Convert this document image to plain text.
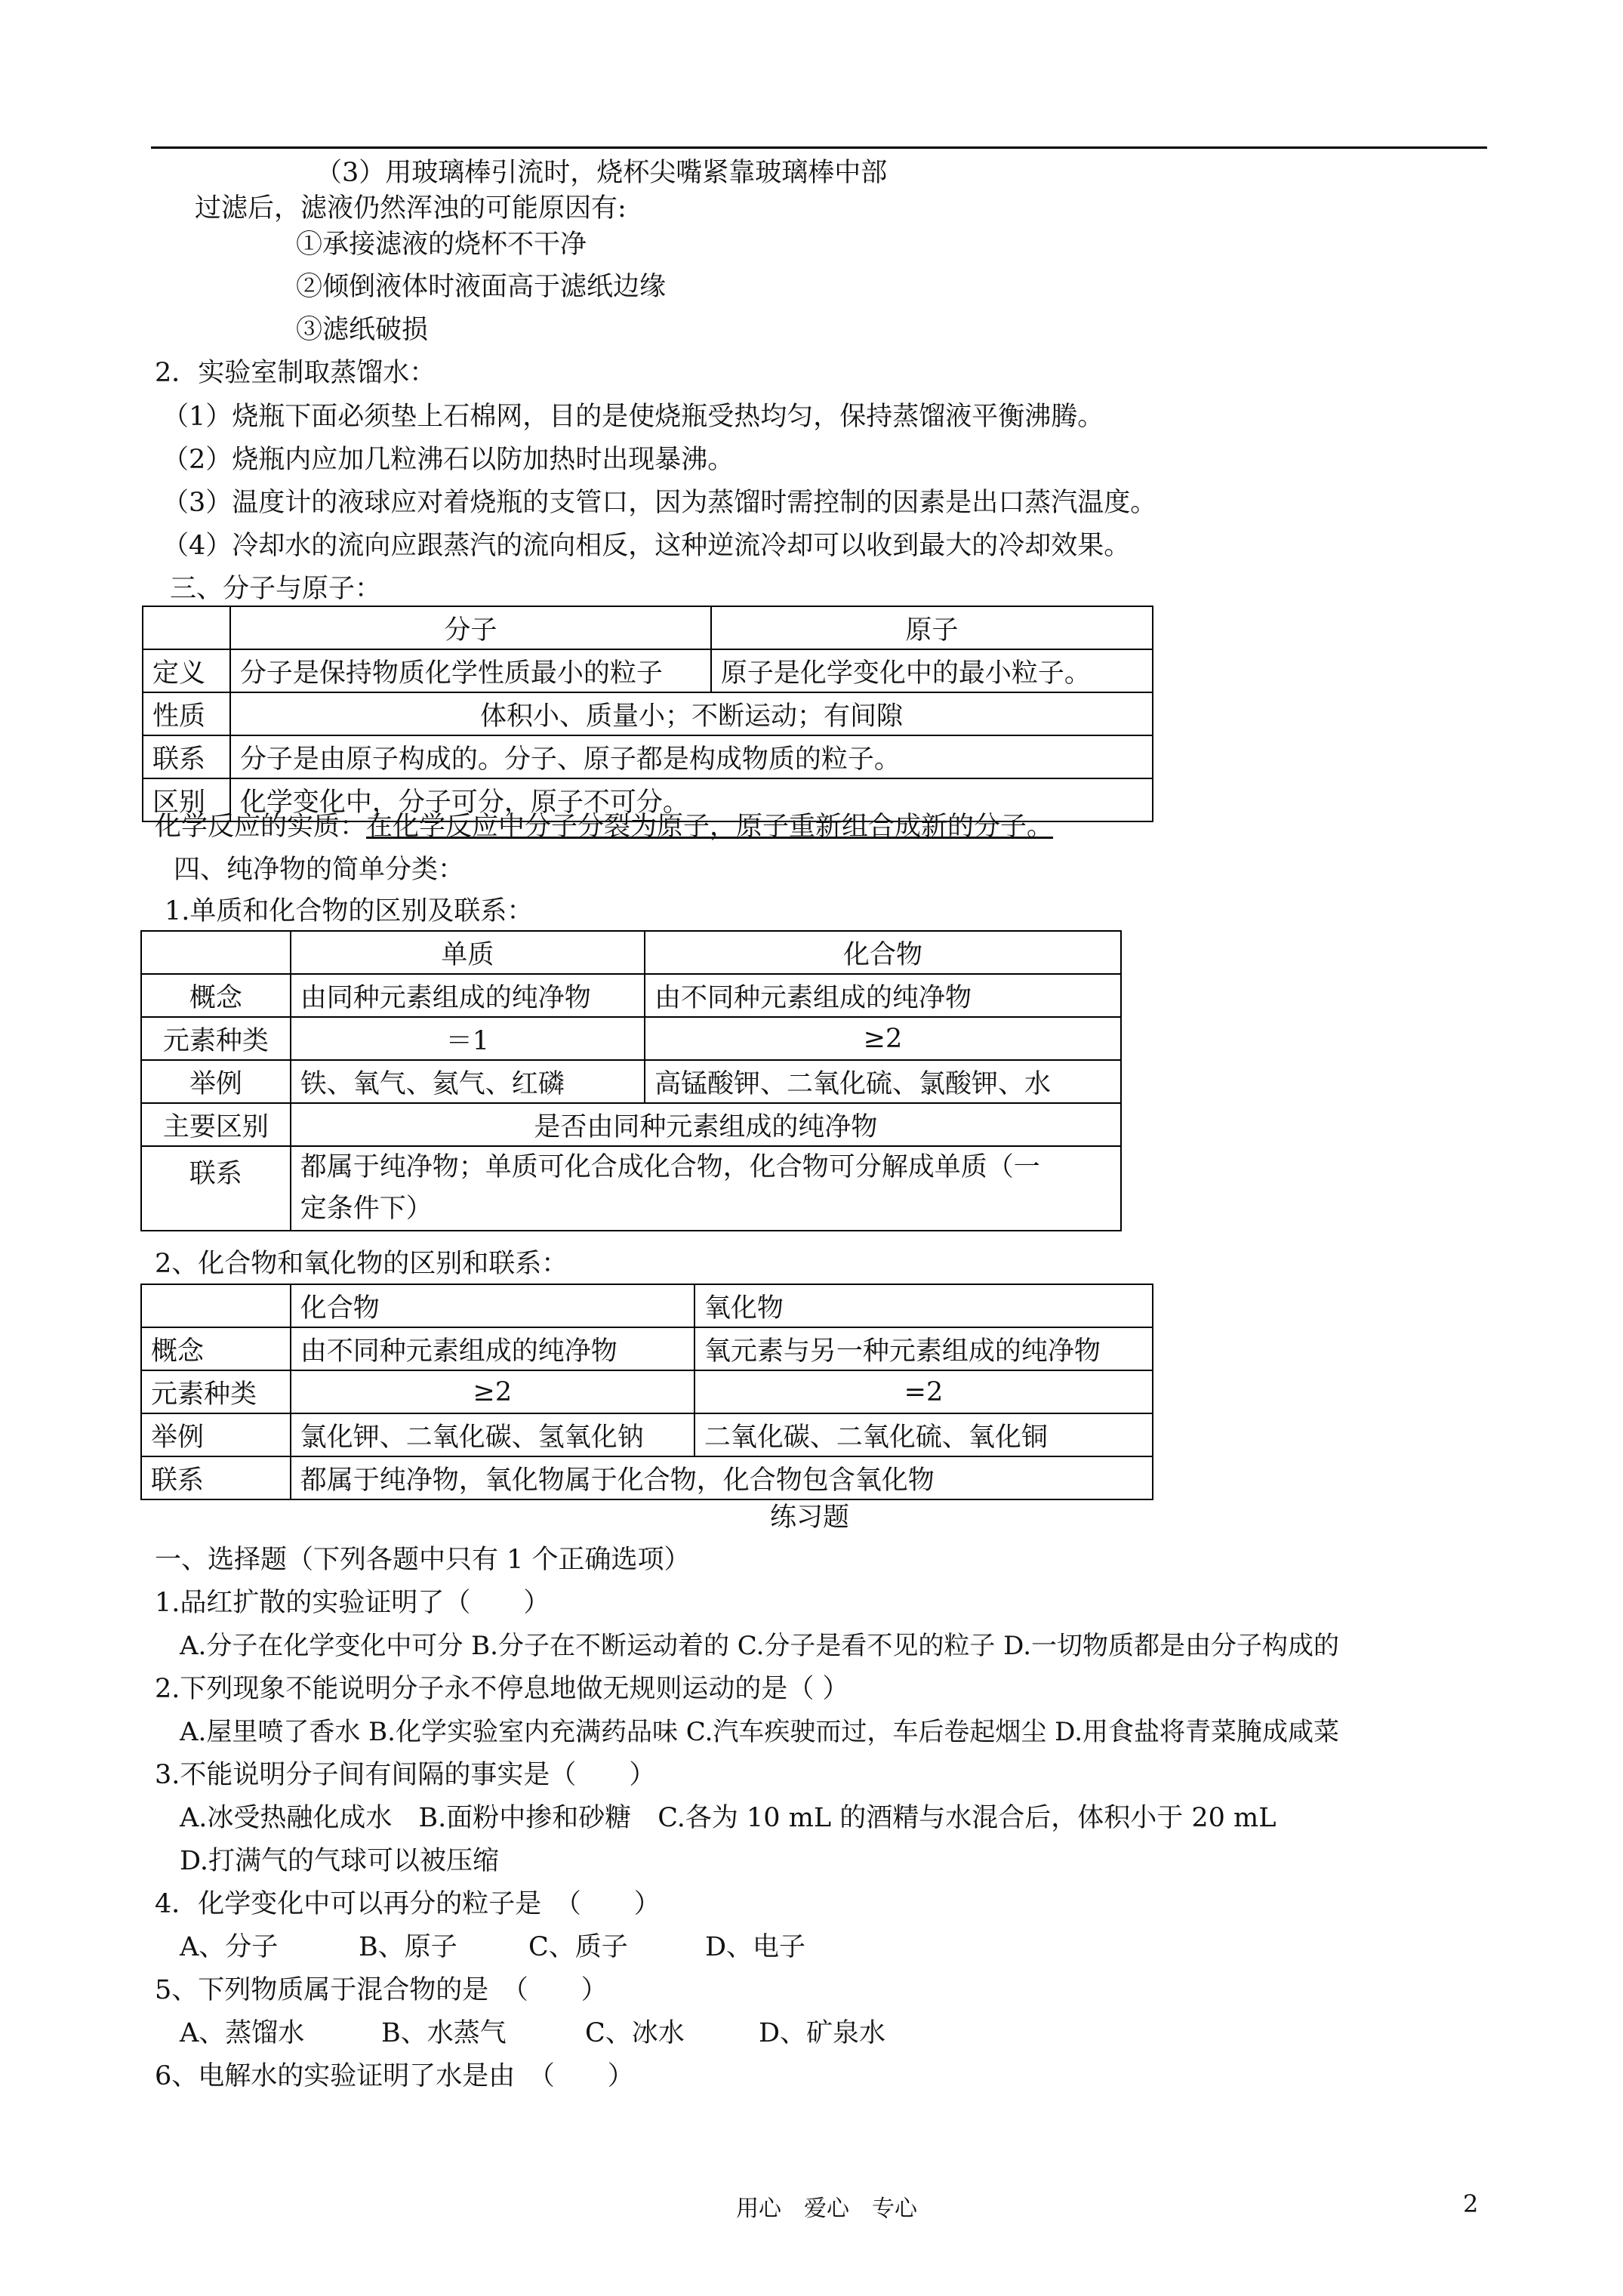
（3）用玻璃棒引流时，烧杯尖嘴紧靠玻璃棒中部
过滤后，滤液仍然浑浊的可能原因有:
①承接滤液的烧杯不干净
②倾倒液体时液面高于滤纸边缘
③滤纸破损
2．实验室制取蒸馏水：
（1）烧瓶下面必须垫上石棉网，目的是使烧瓶受热均匀，保持蒸馏液平衡沸腾。
（2）烧瓶内应加几粒沸石以防加热时出现暴沸。
（3）温度计的液球应对着烧瓶的支管口，因为蒸馏时需控制的因素是出口蒸汽温度。
（4）冷却水的流向应跟蒸汽的流向相反，这种逆流冷却可以收到最大的冷却效果。
三、分子与原子：
	分子	原子
定义	分子是保持物质化学性质最小的粒子	原子是化学变化中的最小粒子。
性质	体积小、质量小；不断运动；有间隙	
联系	分子是由原子构成的。分子、原子都是构成物质的粒子。	
区别	化学变化中，分子可分，原子不可分。	
化学反应的实质：在化学反应中分子分裂为原子，原子重新组合成新的分子。
四、纯净物的简单分类：
1.单质和化合物的区别及联系：
	单质	化合物
概念	由同种元素组成的纯净物	由不同种元素组成的纯净物
元素种类	＝1	≥2
举例	铁、氧气、氦气、红磷	高锰酸钾、二氧化硫、氯酸钾、水
主要区别	是否由同种元素组成的纯净物	
联系	都属于纯净物；单质可化合成化合物，化合物可分解成单质（一
定条件下）	
2、化合物和氧化物的区别和联系：
	化合物	氧化物
概念	由不同种元素组成的纯净物	氧元素与另一种元素组成的纯净物
元素种类	≥2	=2
举例	氯化钾、二氧化碳、氢氧化钠	二氧化碳、二氧化硫、氧化铜
联系	都属于纯净物，氧化物属于化合物，化合物包含氧化物	
练习题
一、选择题（下列各题中只有 1 个正确选项）
1.品红扩散的实验证明了（　　）
A.分子在化学变化中可分 B.分子在不断运动着的 C.分子是看不见的粒子 D.一切物质都是由分子构成的
2.下列现象不能说明分子永不停息地做无规则运动的是（ ）
A.屋里喷了香水 B.化学实验室内充满药品味 C.汽车疾驶而过，车后卷起烟尘 D.用食盐将青菜腌成咸菜
3.不能说明分子间有间隔的事实是（　　）
A.冰受热融化成水　B.面粉中掺和砂糖　C.各为 10 mL 的酒精与水混合后，体积小于 20 mL
D.打满气的气球可以被压缩
4．化学变化中可以再分的粒子是　（　　）
A、分子	B、原子	C、质子	D、电子
5、下列物质属于混合物的是　（　　）
A、蒸馏水	B、水蒸气	C、冰水	D、矿泉水
6、电解水的实验证明了水是由　（　　）
用心　爱心　专心	2
